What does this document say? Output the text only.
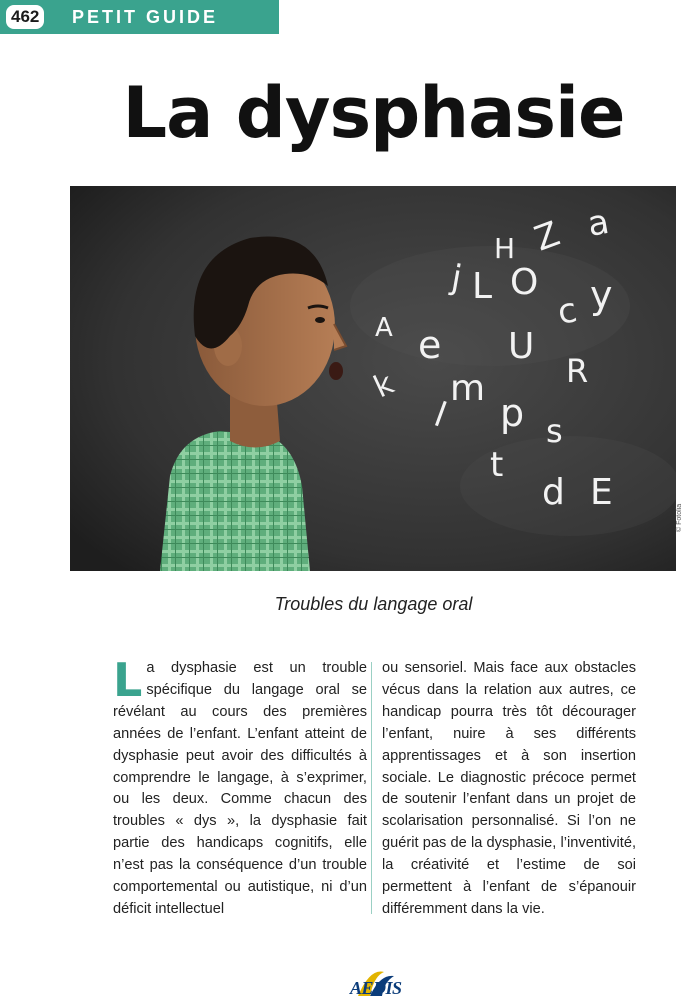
462 PETIT GUIDE
La dysphasie
a
Z
H
j L O
c y
A e U
R
k m
l p s
t
d E
© Fotolia
Troubles du langage oral
La dysphasie est un trouble spécifique du langage oral se révélant au cours des premières années de l’enfant. L’enfant atteint de dysphasie peut avoir des difficultés à comprendre le langage, à s’exprimer, ou les deux. Comme chacun des troubles « dys », la dysphasie fait partie des handicaps cognitifs, elle n’est pas la conséquence d’un trouble comportemental ou autistique, ni d’un déficit intellectuel
ou sensoriel. Mais face aux obstacles vécus dans la relation aux autres, ce handicap pourra très tôt décourager l’enfant, nuire à ses différents apprentissages et à son insertion sociale. Le diagnostic précoce permet de soutenir l’enfant dans un projet de scolarisation personnalisé. Si l’on ne guérit pas de la dysphasie, l’inventivité, la créativité et l’estime de soi permettent à l’enfant de s’épanouir différemment dans la vie.
AEDIS
